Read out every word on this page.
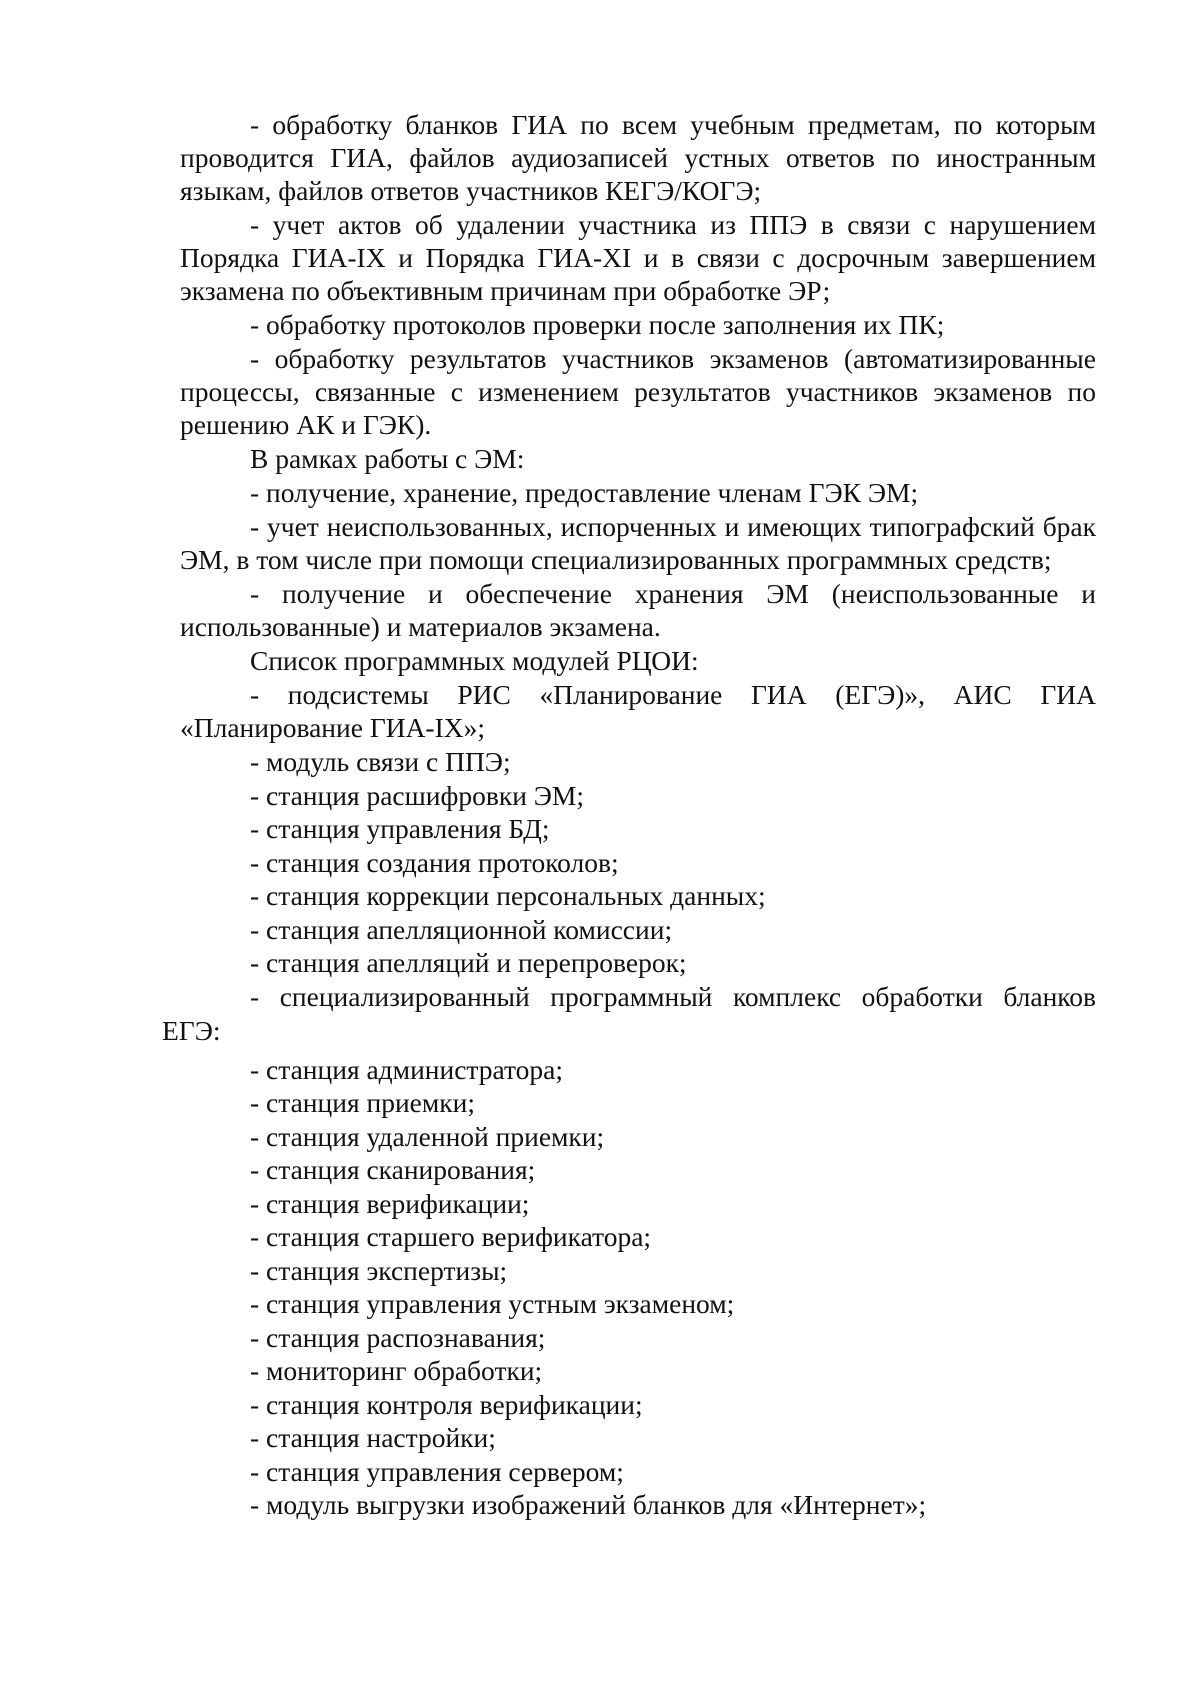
- обработку бланков ГИА по всем учебным предметам, по которым проводится ГИА, файлов аудиозаписей устных ответов по иностранным языкам, файлов ответов участников КЕГЭ/КОГЭ;

- учет актов об удалении участника из ППЭ в связи с нарушением Порядка ГИА-IX и Порядка ГИА-XI и в связи с досрочным завершением экзамена по объективным причинам при обработке ЭР;

- обработку протоколов проверки после заполнения их ПК;

- обработку результатов участников экзаменов (автоматизированные процессы, связанные с изменением результатов участников экзаменов по решению АК и ГЭК).

В рамках работы с ЭМ:

- получение, хранение, предоставление членам ГЭК ЭМ;

- учет неиспользованных, испорченных и имеющих типографский брак ЭМ, в том числе при помощи специализированных программных средств;

- получение и обеспечение хранения ЭМ (неиспользованные и использованные) и материалов экзамена.

Список программных модулей РЦОИ:

- подсистемы РИС «Планирование ГИА (ЕГЭ)», АИС ГИА «Планирование ГИА-IX»;

- модуль связи с ППЭ;
- станция расшифровки ЭМ;
- станция управления БД;
- станция создания протоколов;
- станция коррекции персональных данных;
- станция апелляционной комиссии;
- станция апелляций и перепроверок;

- специализированный программный комплекс обработки бланков

ЕГЭ:

- станция администратора;
- станция приемки;
- станция удаленной приемки;
- станция сканирования;
- станция верификации;
- станция старшего верификатора;
- станция экспертизы;
- станция управления устным экзаменом;
- станция распознавания;
- мониторинг обработки;
- станция контроля верификации;
- станция настройки;
- станция управления сервером;
- модуль выгрузки изображений бланков для «Интернет»;
